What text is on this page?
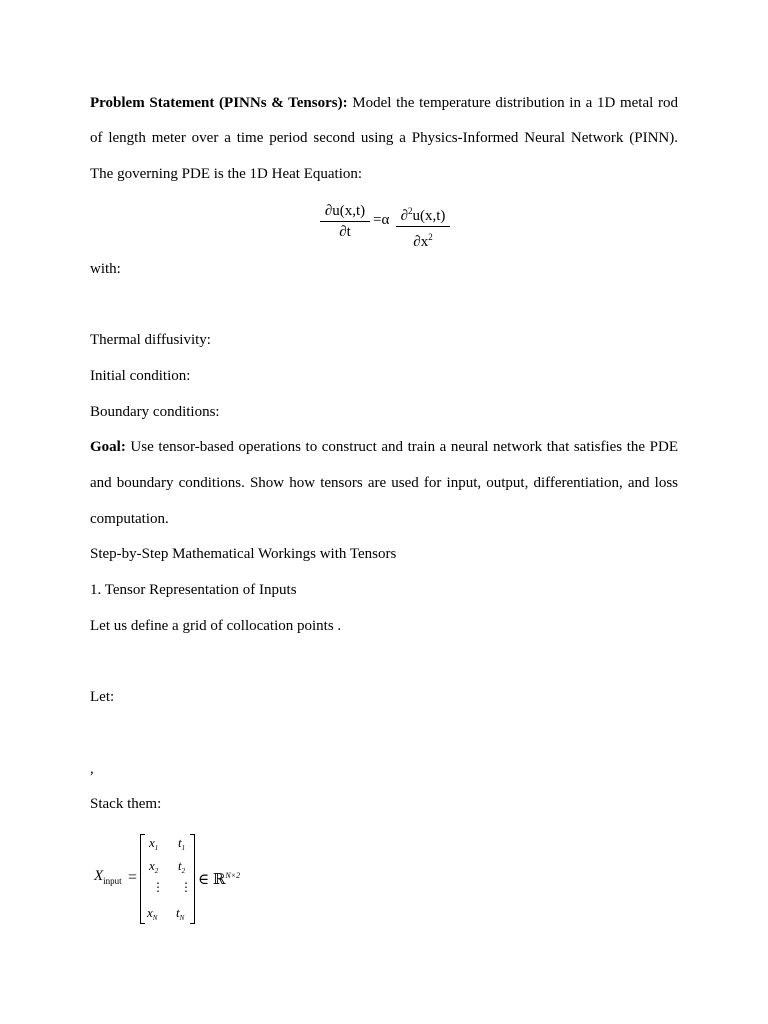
Problem Statement (PINNs & Tensors): Model the temperature distribution in a 1D metal rod
of length meter over a time period second using a Physics-Informed Neural Network (PINN).
The governing PDE is the 1D Heat Equation:
∂u(x,t)
∂t
=α ∂$^2$u(x,t)
$\partial x^2$
with:
Thermal diffusivity:
Initial condition:
Boundary conditions:
Goal: Use tensor-based operations to construct and train a neural network that satisfies the PDE
and boundary conditions. Show how tensors are used for input, output, differentiation, and loss
computation.
Step-by-Step Mathematical Workings with Tensors
1. Tensor Representation of Inputs
Let us define a grid of collocation points .
Let:
,
Stack them:
$X_{input}$ =
$x_1$ $t_1$
$x_2$ $t_2$
⋮ ⋮
$x_N$ $t_N$
∈ ℝ$^{N\times 2}$
